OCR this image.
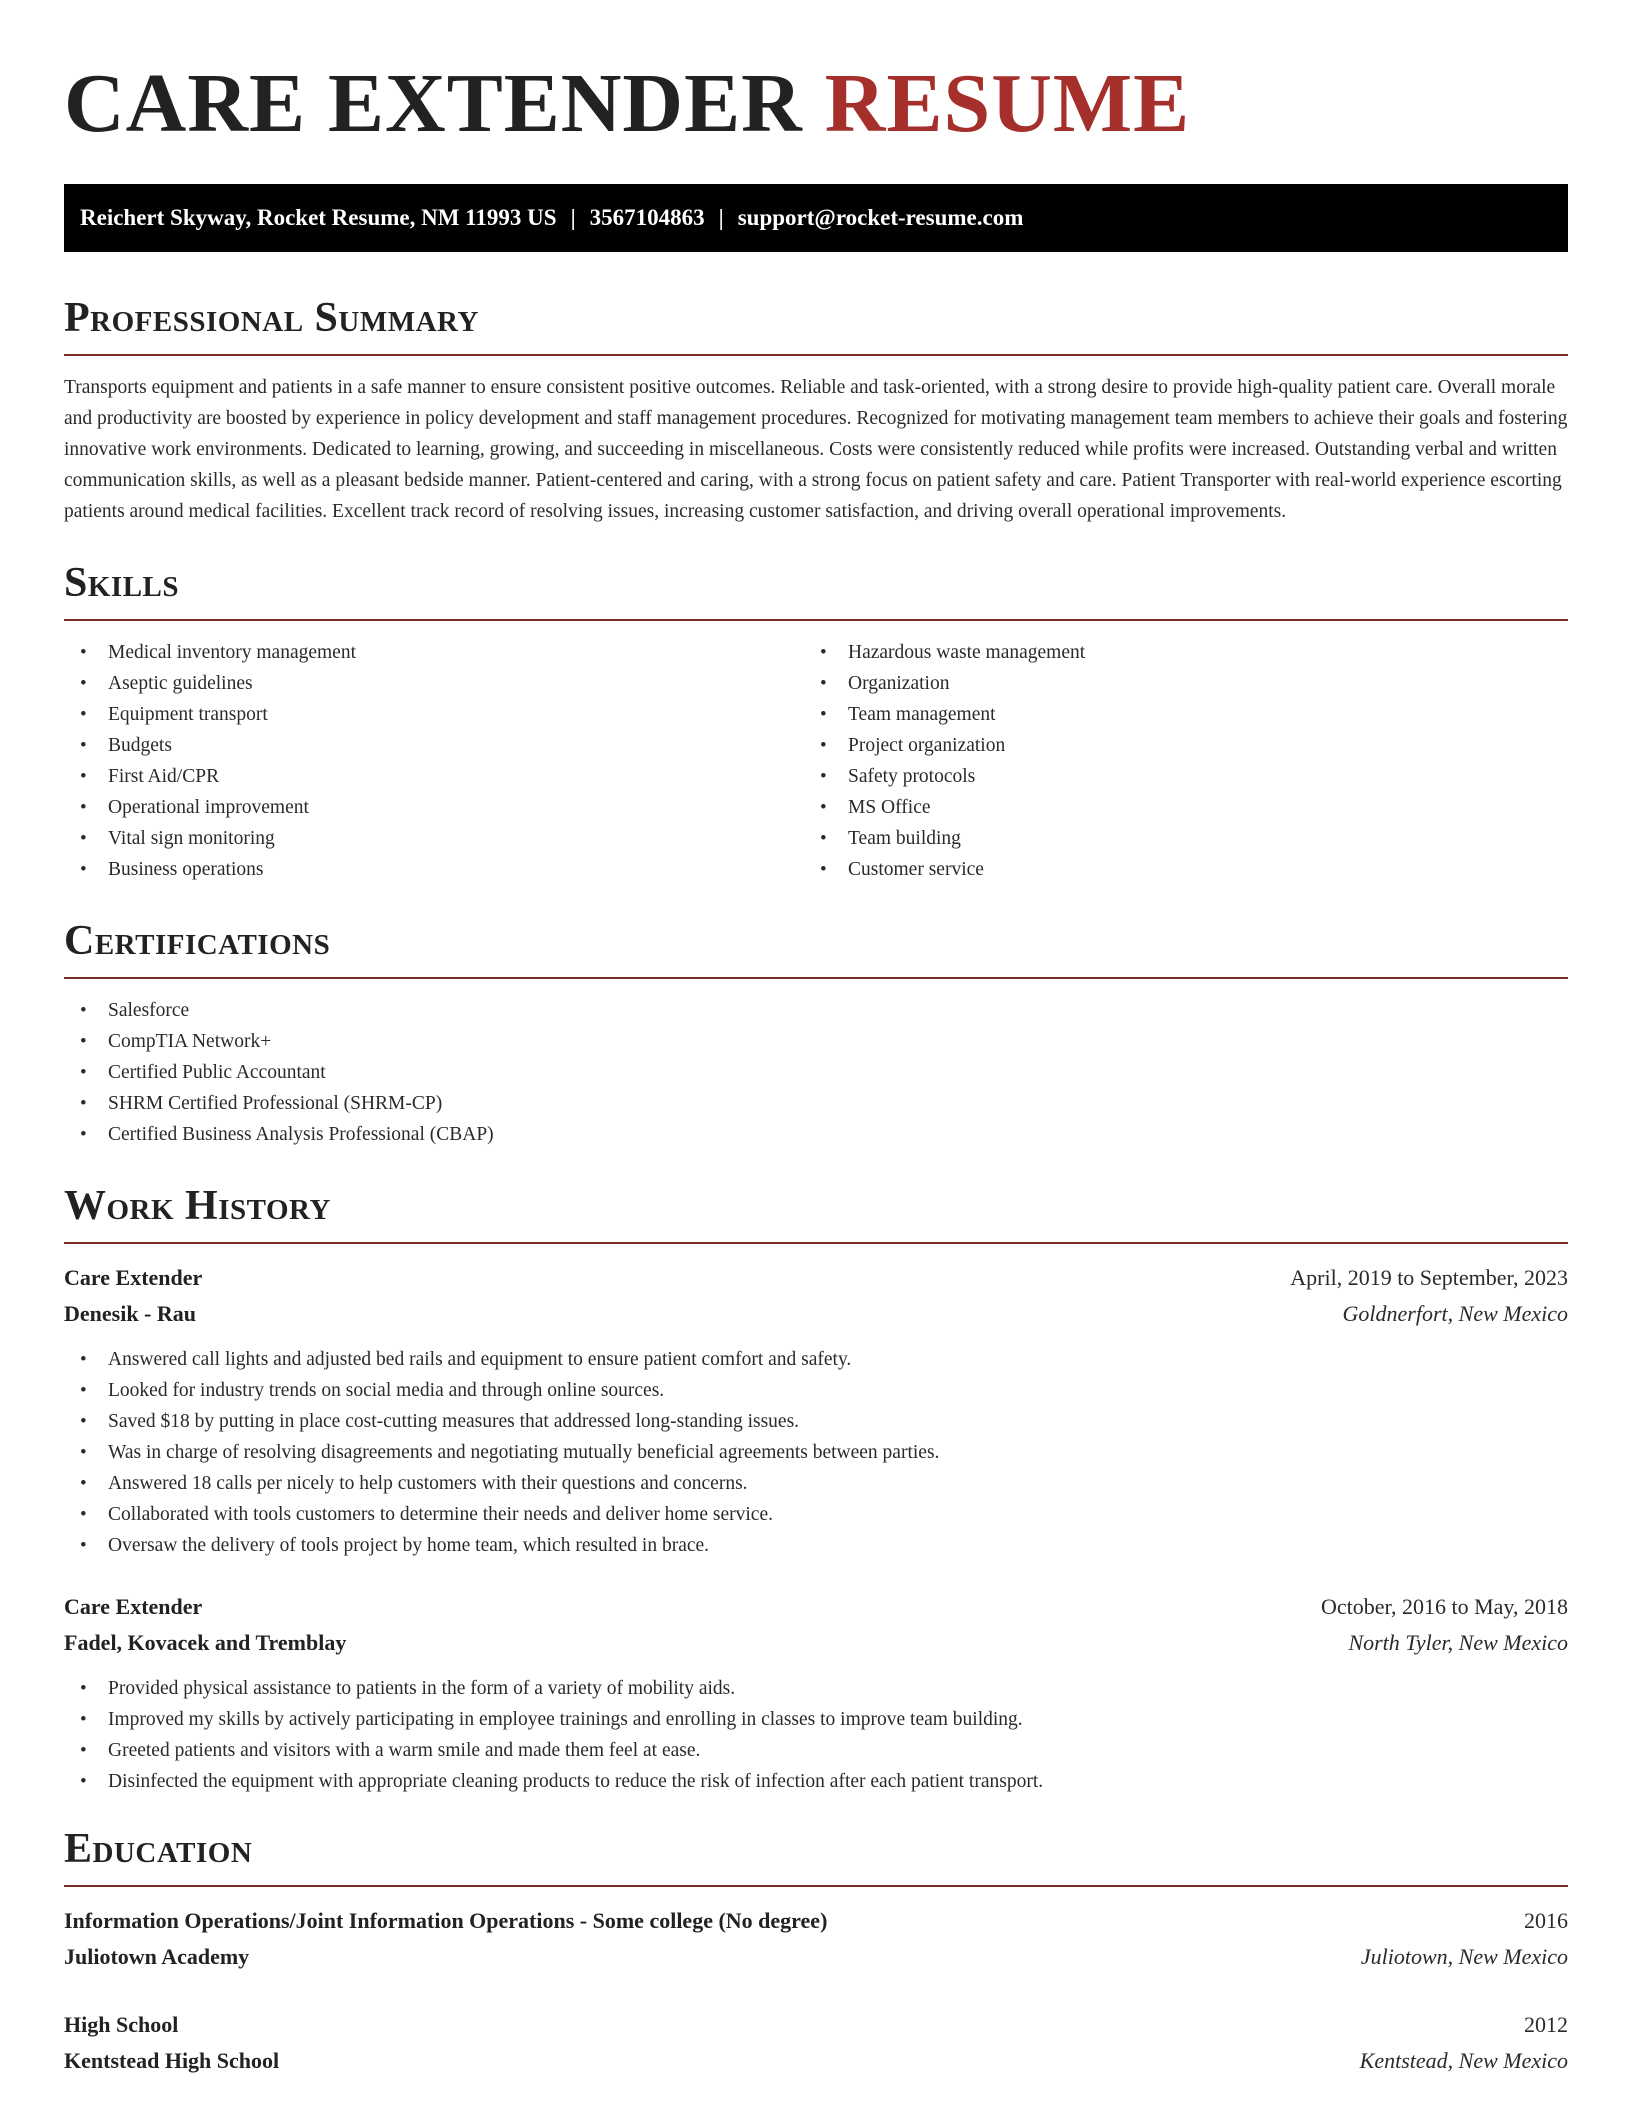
CARE EXTENDER RESUME
Reichert Skyway, Rocket Resume, NM 11993 US | 3567104863 | support@rocket-resume.com
Professional Summary

Transports equipment and patients in a safe manner to ensure consistent positive outcomes. Reliable and task-oriented, with a strong desire to provide high-quality patient care. Overall morale and productivity are boosted by experience in policy development and staff management procedures. Recognized for motivating management team members to achieve their goals and fostering innovative work environments. Dedicated to learning, growing, and succeeding in miscellaneous. Costs were consistently reduced while profits were increased. Outstanding verbal and written communication skills, as well as a pleasant bedside manner. Patient-centered and caring, with a strong focus on patient safety and care. Patient Transporter with real-world experience escorting patients around medical facilities. Excellent track record of resolving issues, increasing customer satisfaction, and driving overall operational improvements.

Skills
• Medical inventory management
• Aseptic guidelines
• Equipment transport
• Budgets
• First Aid/CPR
• Operational improvement
• Vital sign monitoring
• Business operations
• Hazardous waste management
• Organization
• Team management
• Project organization
• Safety protocols
• MS Office
• Team building
• Customer service
Certifications
• Salesforce
• CompTIA Network+
• Certified Public Accountant
• SHRM Certified Professional (SHRM-CP)
• Certified Business Analysis Professional (CBAP)
Work History
Care Extender	April, 2019 to September, 2023
Denesik - Rau	Goldnerfort, New Mexico
• Answered call lights and adjusted bed rails and equipment to ensure patient comfort and safety.
• Looked for industry trends on social media and through online sources.
• Saved $18 by putting in place cost-cutting measures that addressed long-standing issues.
• Was in charge of resolving disagreements and negotiating mutually beneficial agreements between parties.
• Answered 18 calls per nicely to help customers with their questions and concerns.
• Collaborated with tools customers to determine their needs and deliver home service.
• Oversaw the delivery of tools project by home team, which resulted in brace.
Care Extender	October, 2016 to May, 2018
Fadel, Kovacek and Tremblay	North Tyler, New Mexico
• Provided physical assistance to patients in the form of a variety of mobility aids.
• Improved my skills by actively participating in employee trainings and enrolling in classes to improve team building.
• Greeted patients and visitors with a warm smile and made them feel at ease.
• Disinfected the equipment with appropriate cleaning products to reduce the risk of infection after each patient transport.
Education
Information Operations/Joint Information Operations - Some college (No degree)	2016
Juliotown Academy	Juliotown, New Mexico
High School	2012
Kentstead High School	Kentstead, New Mexico
